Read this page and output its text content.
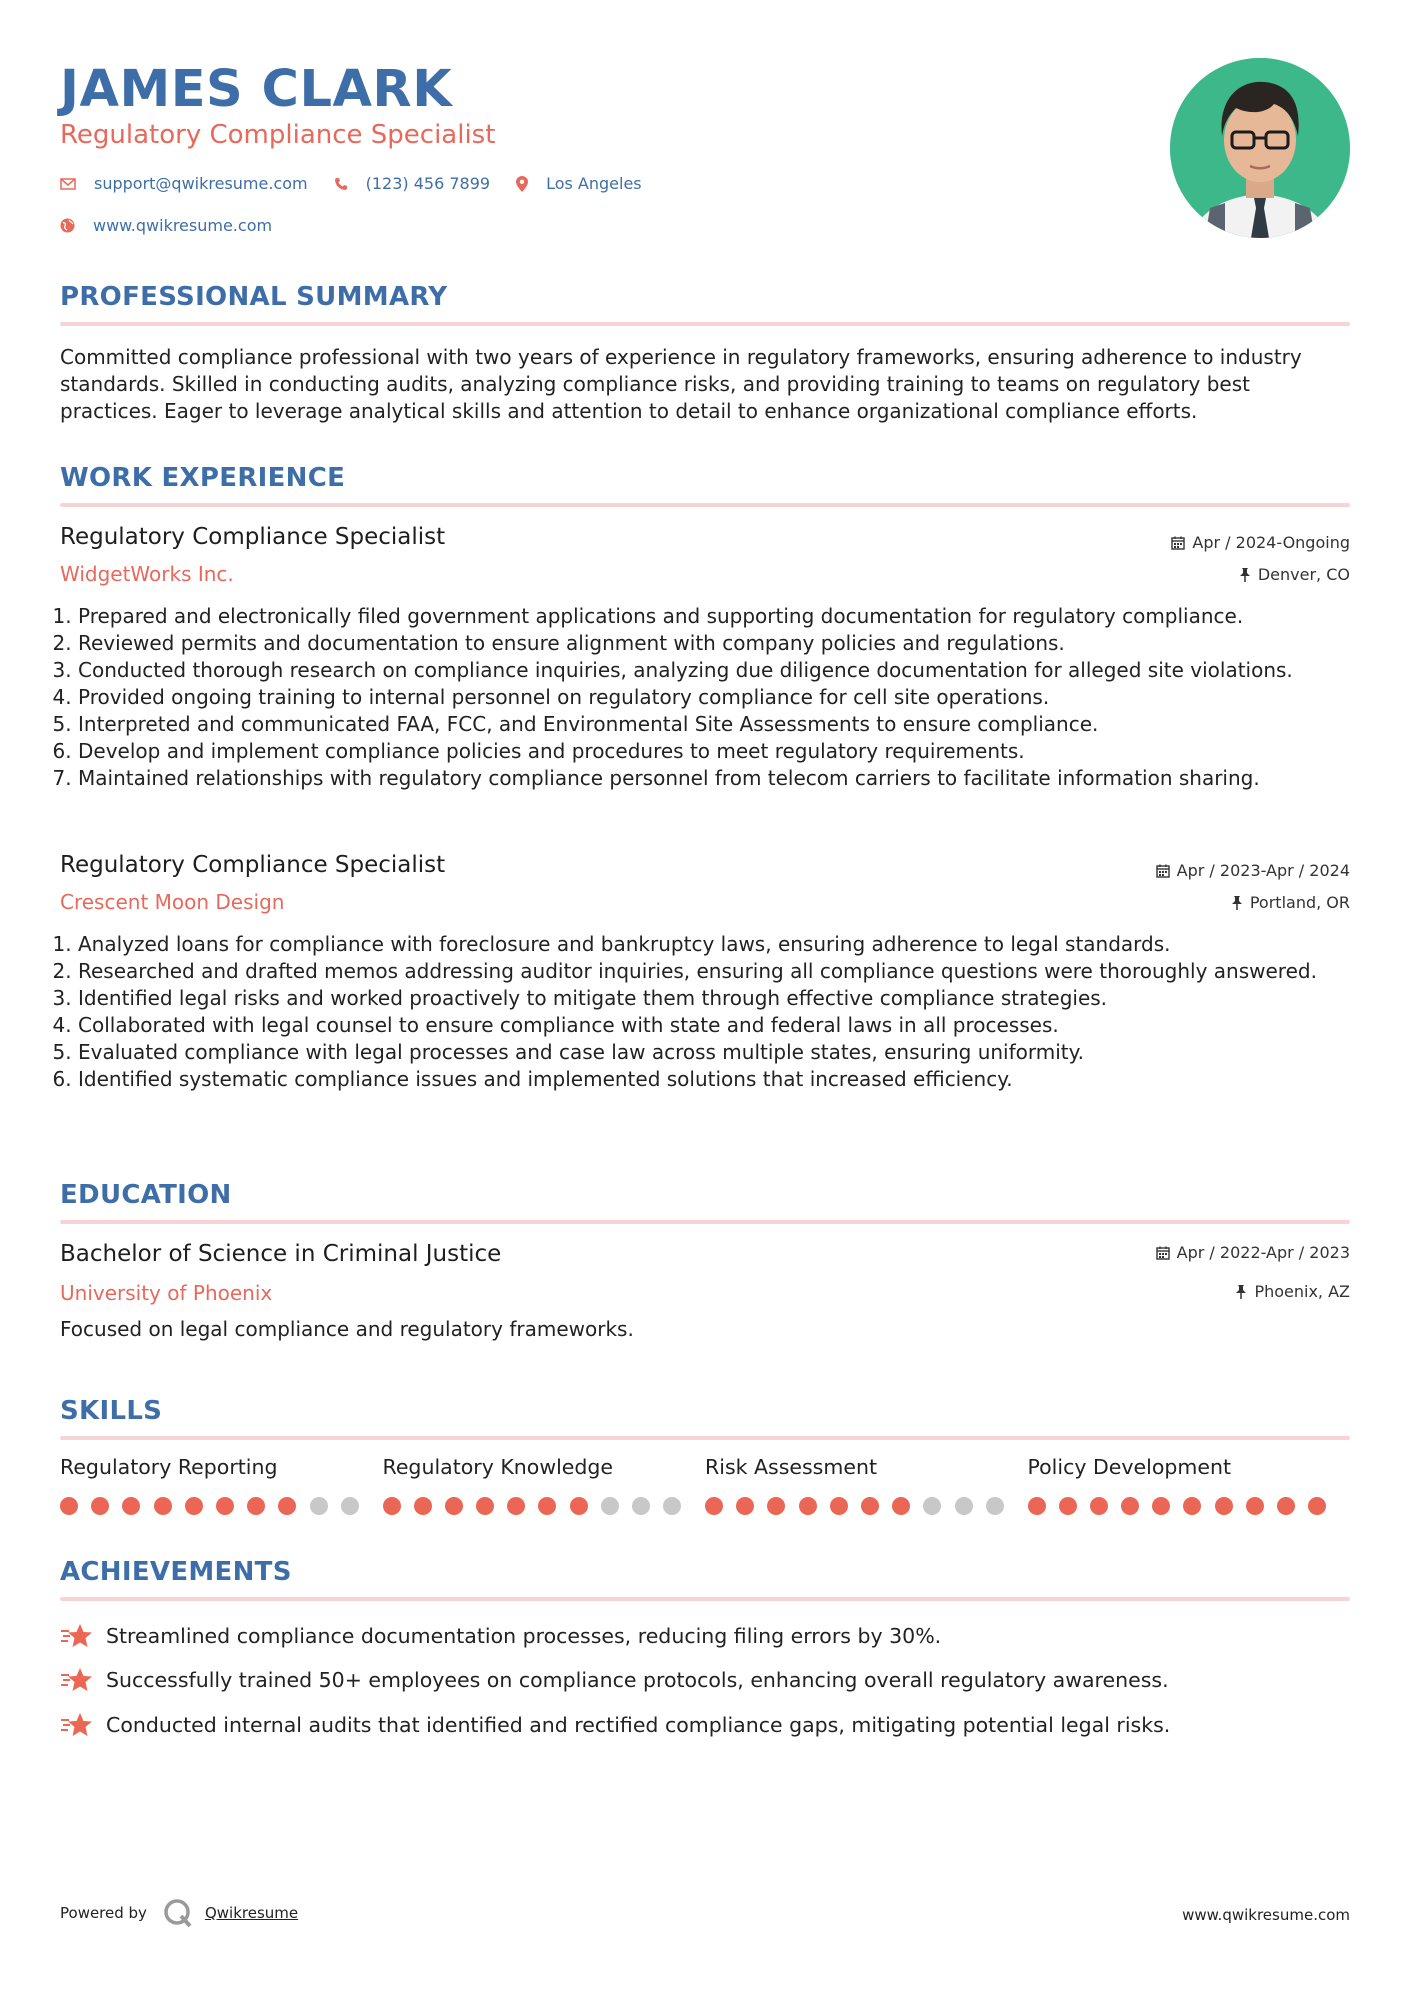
JAMES CLARK
Regulatory Compliance Specialist
support@qwikresume.com	(123) 456 7899	Los Angeles
www.qwikresume.com
PROFESSIONAL SUMMARY
Committed compliance professional with two years of experience in regulatory frameworks, ensuring adherence to industry standards. Skilled in conducting audits, analyzing compliance risks, and providing training to teams on regulatory best practices. Eager to leverage analytical skills and attention to detail to enhance organizational compliance efforts.
WORK EXPERIENCE
Regulatory Compliance Specialist
WidgetWorks Inc.
Apr / 2024-Ongoing
Denver, CO
1. Prepared and electronically filed government applications and supporting documentation for regulatory compliance.
2. Reviewed permits and documentation to ensure alignment with company policies and regulations.
3. Conducted thorough research on compliance inquiries, analyzing due diligence documentation for alleged site violations.
4. Provided ongoing training to internal personnel on regulatory compliance for cell site operations.
5. Interpreted and communicated FAA, FCC, and Environmental Site Assessments to ensure compliance.
6. Develop and implement compliance policies and procedures to meet regulatory requirements.
7. Maintained relationships with regulatory compliance personnel from telecom carriers to facilitate information sharing.
Regulatory Compliance Specialist
Crescent Moon Design
Apr / 2023-Apr / 2024
Portland, OR
1. Analyzed loans for compliance with foreclosure and bankruptcy laws, ensuring adherence to legal standards.
2. Researched and drafted memos addressing auditor inquiries, ensuring all compliance questions were thoroughly answered.
3. Identified legal risks and worked proactively to mitigate them through effective compliance strategies.
4. Collaborated with legal counsel to ensure compliance with state and federal laws in all processes.
5. Evaluated compliance with legal processes and case law across multiple states, ensuring uniformity.
6. Identified systematic compliance issues and implemented solutions that increased efficiency.
EDUCATION
Bachelor of Science in Criminal Justice
University of Phoenix
Apr / 2022-Apr / 2023
Phoenix, AZ
Focused on legal compliance and regulatory frameworks.
SKILLS
Regulatory Reporting	Regulatory Knowledge	Risk Assessment	Policy Development
ACHIEVEMENTS
Streamlined compliance documentation processes, reducing filing errors by 30%.
Successfully trained 50+ employees on compliance protocols, enhancing overall regulatory awareness.
Conducted internal audits that identified and rectified compliance gaps, mitigating potential legal risks.
Powered by	Qwikresume	www.qwikresume.com
